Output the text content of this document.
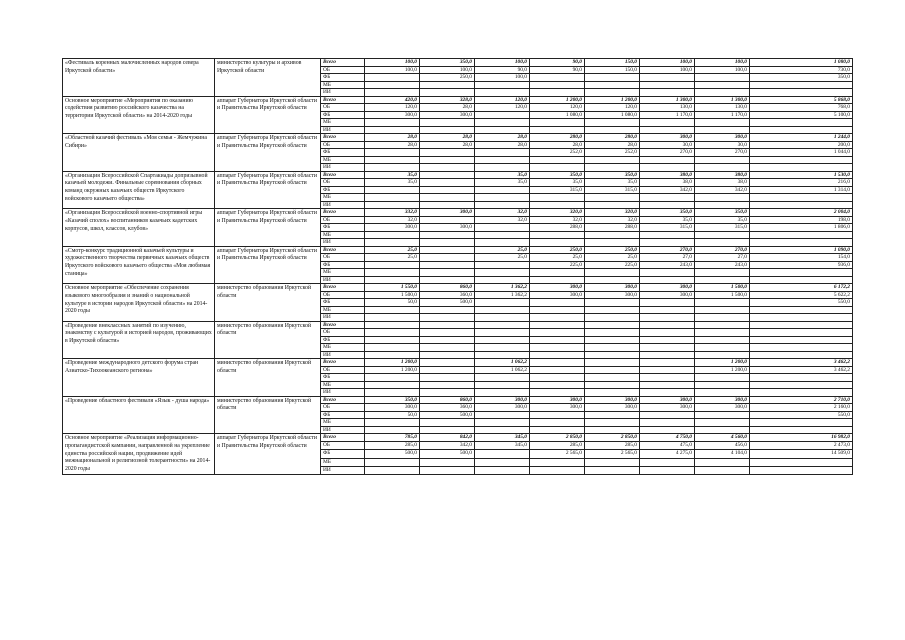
«Фестиваль коренных малочисленных народов севера Иркутской области»	министерство культуры и архивов Иркутской области	Всего	100,0	350,0	100,0	90,0	150,0	100,0	100,0	1 080,0
		ОБ	100,0	100,0	90,0	90,0	150,0	100,0	100,0	730,0
		ФБ		250,0	100,0					350,0
		МБ								
		ИИ								
Основное мероприятие «Мероприятия по оказанию содействия развитию российского казачества на территории Иркутской области» на 2014-2020 годы	аппарат Губернатора Иркутской области и Правительства Иркутской области	Всего	420,0	328,0	120,0	1 200,0	1 200,0	1 300,0	1 300,0	5 868,0
		ОБ	120,0	28,0	120,0	120,0	120,0	130,0	130,0	768,0
		ФБ	300,0	300,0		1 080,0	1 080,0	1 170,0	1 170,0	5 100,0
		МБ								
		ИИ								
«Областной казачий фестиваль «Моя семья - Жемчужина Сибири»	аппарат Губернатора Иркутской области и Правительства Иркутской области	Всего	28,0	28,0	28,0	280,0	280,0	300,0	300,0	1 244,0
		ОБ	28,0	28,0	28,0	28,0	28,0	30,0	30,0	200,0
		ФБ				252,0	252,0	270,0	270,0	1 044,0
		МБ								
		ИИ								
«Организация Всероссийской Спартакиады допризывной казачьей молодежи. Финальные соревнования сборных команд окружных казачьих обществ Иркутского войскового казачьего общества»	аппарат Губернатора Иркутской области и Правительства Иркутской области	Всего	35,0		35,0	350,0	350,0	380,0	380,0	1 530,0
		ОБ	35,0		35,0	35,0	35,0	38,0	38,0	216,0
		ФБ				315,0	315,0	342,0	342,0	1 314,0
		МБ								
		ИИ								
«Организация Всероссийской военно-спортивной игры «Казачий сполох» воспитанников казачьих кадетских корпусов, школ, классов, клубов»	аппарат Губернатора Иркутской области и Правительства Иркутской области	Всего	332,0	300,0	32,0	320,0	320,0	350,0	350,0	2 004,0
		ОБ	32,0		32,0	32,0	32,0	35,0	35,0	198,0
		ФБ	300,0	300,0		288,0	288,0	315,0	315,0	1 806,0
		МБ								
		ИИ								
«Смотр-конкурс традиционной казачьей культуры и художественного творчества первичных казачьих обществ Иркутского войскового казачьего общества «Моя любимая станица»	аппарат Губернатора Иркутской области и Правительства Иркутской области	Всего	25,0		25,0	250,0	250,0	270,0	270,0	1 090,0
		ОБ	25,0		25,0	25,0	25,0	27,0	27,0	154,0
		ФБ				225,0	225,0	243,0	243,0	936,0
		МБ								
		ИИ								
Основное мероприятие «Обеспечение сохранения языкового многообразия и знаний о национальной культуре в истории народов Иркутской области» на 2014-2020 годы	министерство образования Иркутской области	Всего	1 550,0	860,0	1 362,2	300,0	300,0	300,0	1 500,0	6 172,2
		ОБ	1 500,0	360,0	1 362,2	300,0	300,0	300,0	1 500,0	5 622,2
		ФБ	50,0	500,0						550,0
		МБ								
		ИИ								
«Проведение внеклассных занятий по изучению, знакомству с культурой и историей народов, проживающих в Иркутской области»	министерство образования Иркутской области	Всего								
		ОБ								
		ФБ								
		МБ								
		ИИ								
«Проведение международного детского форума стран Азиатско-Тихоокеанского региона»	министерство образования Иркутской области	Всего	1 200,0		1 062,2				1 200,0	3 462,2
		ОБ	1 200,0		1 062,2				1 200,0	3 462,2
		ФБ								
		МБ								
		ИИ								
«Проведение областного фестиваля «Язык - душа народа»	министерство образования Иркутской области	Всего	350,0	860,0	300,0	300,0	300,0	300,0	300,0	2 710,0
		ОБ	300,0	360,0	300,0	300,0	300,0	300,0	300,0	2 160,0
		ФБ	50,0	500,0						550,0
		МБ								
		ИИ								
Основное мероприятие «Реализация информационно-пропагандистской кампании, направленной на укрепление единства российской нации, продвижение идей межнациональной и религиозной толерантности» на 2014-2020 годы	аппарат Губернатора Иркутской области и Правительства Иркутской области	Всего	785,0	842,0	345,0	2 850,0	2 850,0	4 750,0	4 560,0	16 982,0
		ОБ	285,0	342,0	345,0	285,0	285,0	475,0	456,0	2 473,0
		ФБ	500,0	500,0		2 565,0	2 565,0	4 275,0	4 104,0	14 509,0
		МБ								
		ИИ								
